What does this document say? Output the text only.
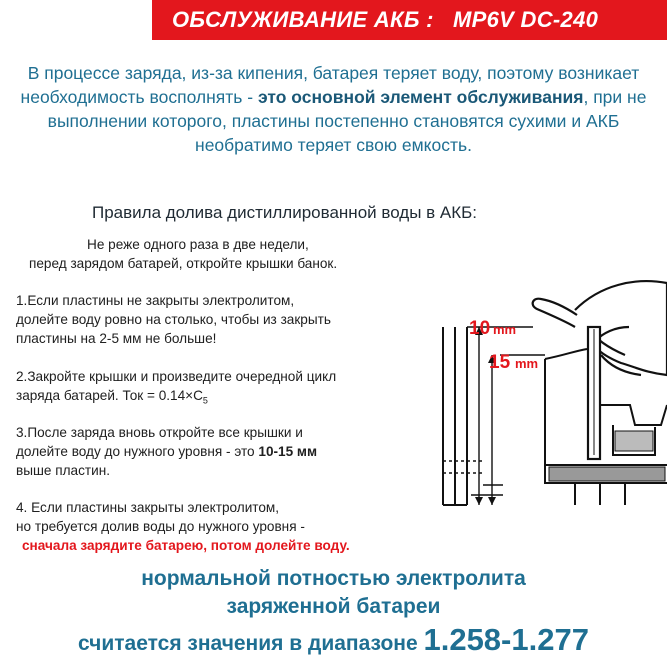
ОБСЛУЖИВАНИЕ АКБ :   MP6V DC-240
В процессе заряда, из-за кипения, батарея теряет воду, поэтому возникает необходимость восполнять - это основной элемент обслуживания, при не выполнении которого, пластины постепенно становятся сухими и АКБ необратимо теряет свою емкость.
Правила долива дистиллированной воды в АКБ:
Не реже одного раза в две недели,
перед зарядом батарей, откройте крышки банок.
1.Если пластины не закрыты электролитом,
долейте воду ровно на столько, чтобы из закрыть
пластины на 2-5 мм не больше!
2.Закройте крышки и произведите очередной цикл
заряда батарей. Ток = $0.14\times C_5$
3.После заряда вновь откройте все крышки и
долейте воду до нужного уровня - это 10-15 мм
выше пластин.
4. Если пластины закрыты электролитом,
но требуется долив воды до нужного уровня -
сначала зарядите батарею, потом долейте воду.
10 mm
15 mm
нормальной потностью электролита
заряженной батареи
считается значения в диапазоне 1.258-1.277
